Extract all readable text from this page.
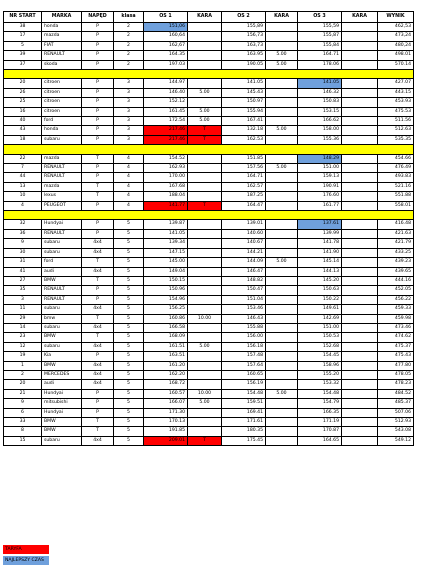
NR START	MARKA	NAPĘD	klasa	OS 1	KARA	OS 2	KARA	OS 3	KARA	WYNIK
38	honda	P	2	151,06		155,89		155,59		462,53
17	mazda	P	2	160,64		156,73		155,87		473,24
5	FIAT	P	2	162,67		163,73		155,84		480,24
39	RENAULT	P	2	164.35		163.95	5.00	164.71		498.01
37	skoda	P	2	197.03		190.05	5.00	178.06		570.14

20	citroen	P	3	144.97		141.05		141.05		427.07
26	citroen	P	3	146.40	5.00	145.43		146.32		443.15
25	citroen	P	3	152.12		150.97		150.83		453.93
16	citroen	P	3	161.45	5.00	155.94		153.15		475.53
40	ford	P	3	172.54	5.00	167.41		166.62		511.56
43	honda	P	3	217.46	T	132.18	5.00	158.00		512.63
18	subaru	P	3	217.46	T	162.53		155.36		535.35

22	mazda	T	4	154.52		151.85		148.29		454.66
7	RENAULT	P	4	162.93		157.56	5.00	151.00		476.49
44	RENAULT	P	4	170.00		164.71		159.13		493.83
13	mazda	T	4	167.68		162.57		190.91		521.16
10	lexus	T	4	188.04		187.25		176.60		551.88
4	PEUGEOT	P	4	141.77	T	164.47		161.77		558.01

32	Hundyai	P	5	139.87		139.01		137.61		416.48
36	RENAULT	P	5	141.05		140.60		139.99		421.63
9	subaru	4x4	5	139.34		140.67		141.78		421.79
30	subaru	4x4	5	147.15		144.21		141.90		433.25
31	ford	T	5	145.00		144.09	5.00	145.14		439.23
41	audi	4x4	5	149.04		146.47		144.13		439.65
27	BMW	T	5	150.15		148.82		145.20		444.16
35	RENAULT	P	5	150.96		150.47		150.63		452.05
3	RENAULT	P	5	154.96		151.04		150.22		456.22
11	subaru	4x4	5	156.25		153.46		149.61		459.33
29	bmw	T	5	160.86	10.00	146.43		142.69		459.98
14	subaru	4x4	5	166.58		155.88		151.00		473.46
23	BMW	T	5	168.09		156.00		150.53		474.62
12	subaru	4x4	5	161.51	5.00	156.18		152.68		475.37
19	Kia	P	5	163.51		157.48		154.45		475.43
1	BMW	4x4	5	161.20		157.64		158.96		477.80
2	MERCEDES	4x4	5	162.20		160.65		155.20		478.05
20	audi	4x4	5	168.72		156.19		153.32		478.23
21	Hundyai	P	5	160.57	10.00	154.48	5.00	154.48		484.52
9	mitsubishi	P	5	166.07	5.00	159.51		154.79		485.37
6	Hundyai	P	5	171.30		169.41		166.35		507.06
33	BMW	T	5	170.13		171.61		171.19		512.93
8	BMW	T	5	191.85		180.35		170.87		543.08
15	subaru	4x4	5	209.01	T	175.45		164.65		549.12
TARYFA
NAJLEPSZY CZAS
